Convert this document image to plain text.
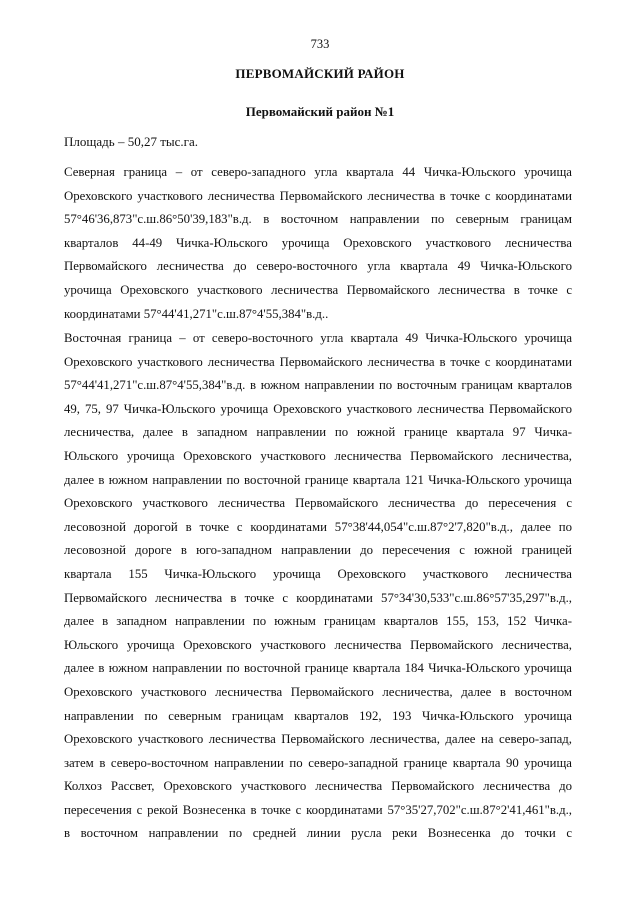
733
ПЕРВОМАЙСКИЙ РАЙОН
Первомайский район №1
Площадь – 50,27 тыс.га.
Северная граница – от северо-западного угла квартала 44 Чичка-Юльского урочища
Ореховского участкового лесничества Первомайского лесничества в точке с координатами
57°46'36,873"с.ш.86°50'39,183"в.д. в восточном направлении по северным границам
кварталов 44-49 Чичка-Юльского урочища Ореховского участкового лесничества
Первомайского лесничества до северо-восточного угла квартала 49 Чичка-Юльского
урочища Ореховского участкового лесничества Первомайского лесничества в точке с
координатами 57°44'41,271"с.ш.87°4'55,384"в.д..
Восточная граница – от северо-восточного угла квартала 49 Чичка-Юльского урочища
Ореховского участкового лесничества Первомайского лесничества в точке с координатами
57°44'41,271"с.ш.87°4'55,384"в.д. в южном направлении по восточным границам кварталов
49, 75, 97 Чичка-Юльского урочища Ореховского участкового лесничества Первомайского
лесничества, далее в западном направлении по южной границе квартала 97 Чичка-
Юльского урочища Ореховского участкового лесничества Первомайского лесничества,
далее в южном направлении по восточной границе квартала 121 Чичка-Юльского урочища
Ореховского участкового лесничества Первомайского лесничества до пересечения с
лесовозной дорогой в точке с координатами 57°38'44,054"с.ш.87°2'7,820"в.д., далее по
лесовозной дороге в юго-западном направлении до пересечения с южной границей
квартала 155 Чичка-Юльского урочища Ореховского участкового лесничества
Первомайского лесничества в точке с координатами 57°34'30,533"с.ш.86°57'35,297"в.д.,
далее в западном направлении по южным границам кварталов 155, 153, 152 Чичка-
Юльского урочища Ореховского участкового лесничества Первомайского лесничества,
далее в южном направлении по восточной границе квартала 184 Чичка-Юльского урочища
Ореховского участкового лесничества Первомайского лесничества, далее в восточном
направлении по северным границам кварталов 192, 193 Чичка-Юльского урочища
Ореховского участкового лесничества Первомайского лесничества, далее на северо-запад,
затем в северо-восточном направлении по северо-западной границе квартала 90 урочища
Колхоз Рассвет, Ореховского участкового лесничества Первомайского лесничества до
пересечения с рекой Вознесенка в точке с координатами 57°35'27,702"с.ш.87°2'41,461"в.д.,
в восточном направлении по средней линии русла реки Вознесенка до точки с
